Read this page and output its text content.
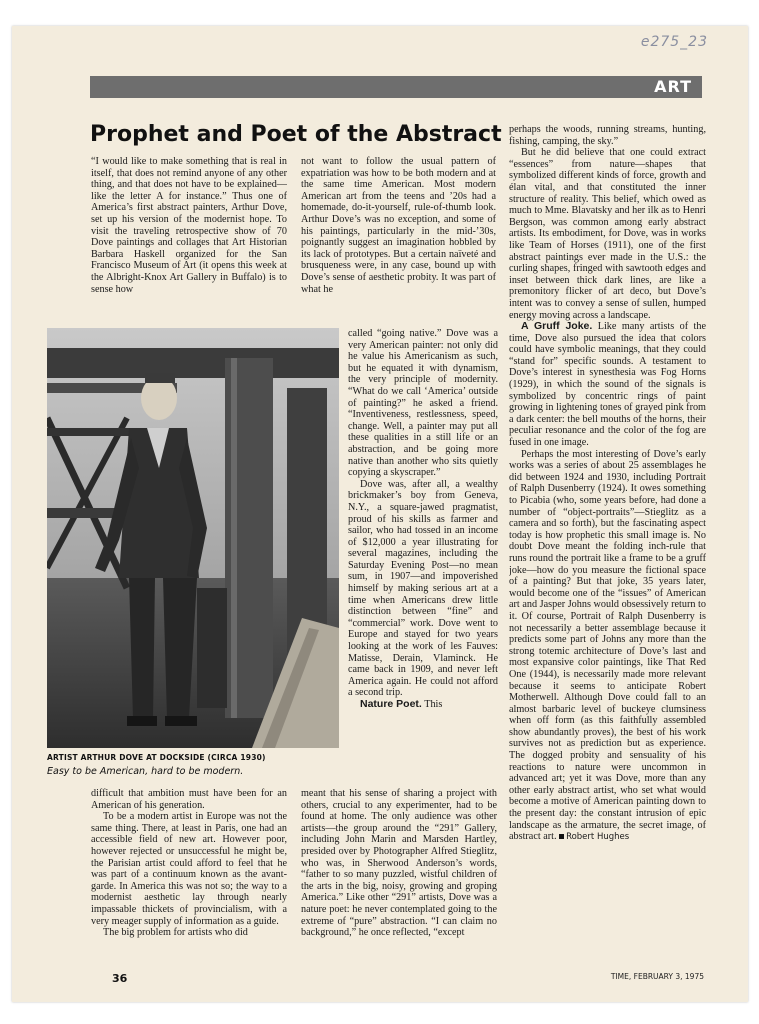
e275_23
ART
Prophet and Poet of the Abstract

“I would like to make something that is real in itself, that does not remind anyone of any other thing, and that does not have to be explained—like the letter A for instance.” Thus one of America’s first abstract painters, Arthur Dove, set up his version of the modernist hope. To visit the traveling retrospective show of 70 Dove paintings and collages that Art Historian Barbara Haskell organized for the San Francisco Museum of Art (it opens this week at the Albright-Knox Art Gallery in Buffalo) is to sense how

not want to follow the usual pattern of expatriation was how to be both modern and at the same time American. Most modern American art from the teens and ’20s had a homemade, do-it-yourself, rule-of-thumb look. Arthur Dove’s was no exception, and some of his paintings, particularly in the mid-’30s, poignantly suggest an imagination hobbled by its lack of prototypes. But a certain naïveté and brusqueness were, in any case, bound up with Dove’s sense of aesthetic probity. It was part of what he

ARTIST ARTHUR DOVE AT DOCKSIDE (CIRCA 1930)
Easy to be American, hard to be modern.

called “going native.” Dove was a very American painter: not only did he value his Americanism as such, but he equated it with dynamism, the very principle of modernity. “What do we call ‘America’ outside of painting?” he asked a friend. “Inventiveness, restlessness, speed, change. Well, a painter may put all these qualities in a still life or an abstraction, and be going more native than another who sits quietly copying a skyscraper.”

Dove was, after all, a wealthy brickmaker’s boy from Geneva, N.Y., a square-jawed pragmatist, proud of his skills as farmer and sailor, who had tossed in an income of $12,000 a year illustrating for several magazines, including the Saturday Evening Post—no mean sum, in 1907—and impoverished himself by making serious art at a time when Americans drew little distinction between “fine” and “commercial” work. Dove went to Europe and stayed for two years looking at the work of les Fauves: Matisse, Derain, Vlaminck. He came back in 1909, and never left America again. He could not afford a second trip.

Nature Poet. This

difficult that ambition must have been for an American of his generation.

To be a modern artist in Europe was not the same thing. There, at least in Paris, one had an accessible field of new art. However poor, however rejected or unsuccessful he might be, the Parisian artist could afford to feel that he was part of a continuum known as the avant-garde. In America this was not so; the way to a modernist aesthetic lay through nearly impassable thickets of provincialism, with a very meager supply of information as a guide.

The big problem for artists who did

meant that his sense of sharing a project with others, crucial to any experimenter, had to be found at home. The only audience was other artists—the group around the “291” Gallery, including John Marin and Marsden Hartley, presided over by Photographer Alfred Stieglitz, who was, in Sherwood Anderson’s words, “father to so many puzzled, wistful children of the arts in the big, noisy, growing and groping America.” Like other “291” artists, Dove was a nature poet: he never contemplated going to the extreme of “pure” abstraction. “I can claim no background,” he once reflected, “except

perhaps the woods, running streams, hunting, fishing, camping, the sky.”

But he did believe that one could extract “essences” from nature—shapes that symbolized different kinds of force, growth and élan vital, and that constituted the inner structure of reality. This belief, which owed as much to Mme. Blavatsky and her ilk as to Henri Bergson, was common among early abstract artists. Its embodiment, for Dove, was in works like Team of Horses (1911), one of the first abstract paintings ever made in the U.S.: the curling shapes, fringed with sawtooth edges and inset between thick dark lines, are like a premonitory flicker of art deco, but Dove’s intent was to convey a sense of sullen, humped energy moving across a landscape.

A Gruff Joke. Like many artists of the time, Dove also pursued the idea that colors could have symbolic meanings, that they could “stand for” specific sounds. A testament to Dove’s interest in synesthesia was Fog Horns (1929), in which the sound of the signals is symbolized by concentric rings of paint growing in lightening tones of grayed pink from a dark center: the bell mouths of the horns, their peculiar resonance and the color of the fog are fused in one image.

Perhaps the most interesting of Dove’s early works was a series of about 25 assemblages he did between 1924 and 1930, including Portrait of Ralph Dusenberry (1924). It owes something to Picabia (who, some years before, had done a number of “object-portraits”—Stieglitz as a camera and so forth), but the fascinating aspect today is how prophetic this small image is. No doubt Dove meant the folding inch-rule that runs round the portrait like a frame to be a gruff joke—how do you measure the fictional space of a painting? But that joke, 35 years later, would become one of the “issues” of American art and Jasper Johns would obsessively return to it. Of course, Portrait of Ralph Dusenberry is not necessarily a better assemblage because it predicts some part of Johns any more than the strong totemic architecture of Dove’s last and most expansive color paintings, like That Red One (1944), is necessarily made more relevant because it seems to anticipate Robert Motherwell. Although Dove could fall to an almost barbaric level of buckeye clumsiness when off form (as this faithfully assembled show abundantly proves), the best of his work survives not as prediction but as experience. The dogged probity and sensuality of his reactions to nature were uncommon in advanced art; yet it was Dove, more than any other early abstract artist, who set what would become a motive of American painting down to the present day: the constant intrusion of epic landscape as the armature, the secret image, of abstract art. Robert Hughes

36	TIME, FEBRUARY 3, 1975
